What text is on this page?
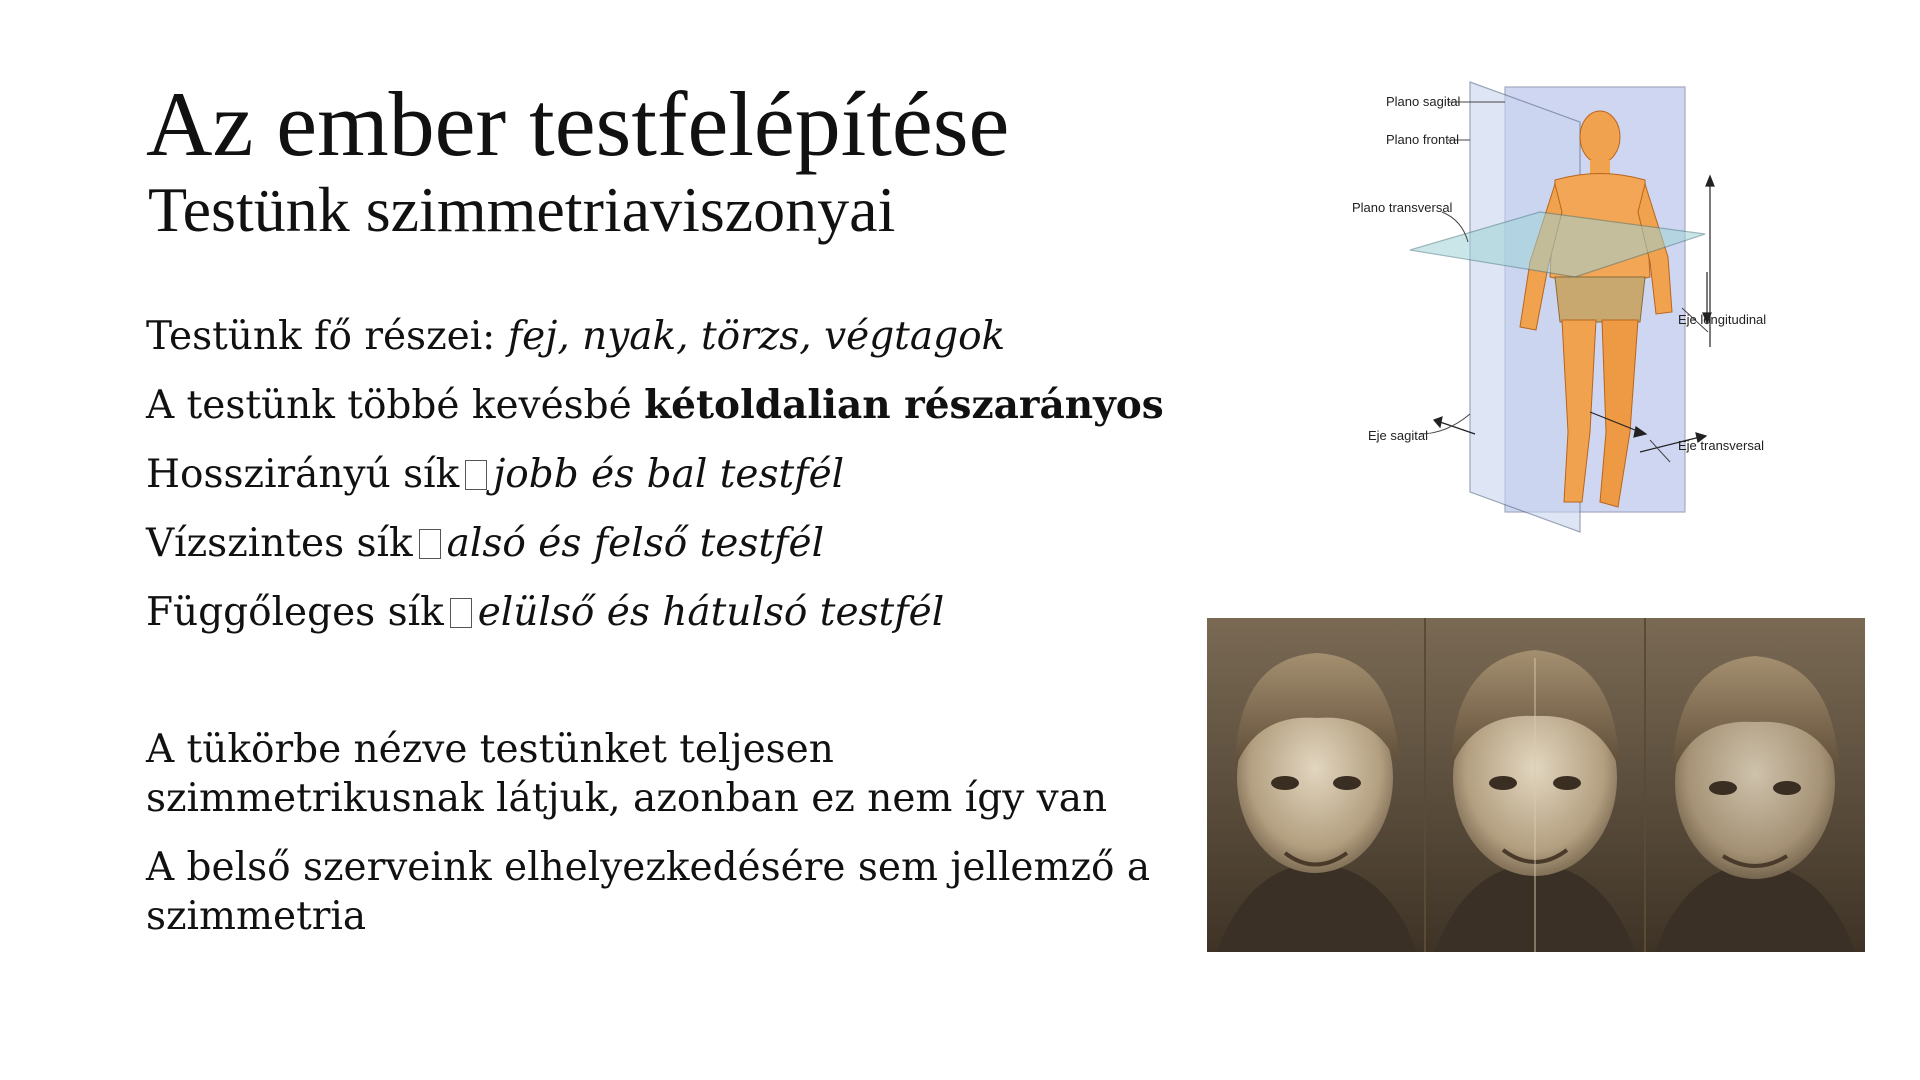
Az ember testfelépítése
Testünk szimmetriaviszonyai

Testünk fő részei: fej, nyak, törzs, végtagok

A testünk többé kevésbé kétoldalian részarányos

Hosszirányú sík jobb és bal testfél

Vízszintes sík alsó és felső testfél

Függőleges sík elülső és hátulsó testfél

A tükörbe nézve testünket teljesen szimmetrikusnak látjuk, azonban ez nem így van

A belső szerveink elhelyezkedésére sem jellemző a szimmetria

Plano sagital
Plano frontal
Plano transversal
Eje longitudinal
Eje sagital
Eje transversal
